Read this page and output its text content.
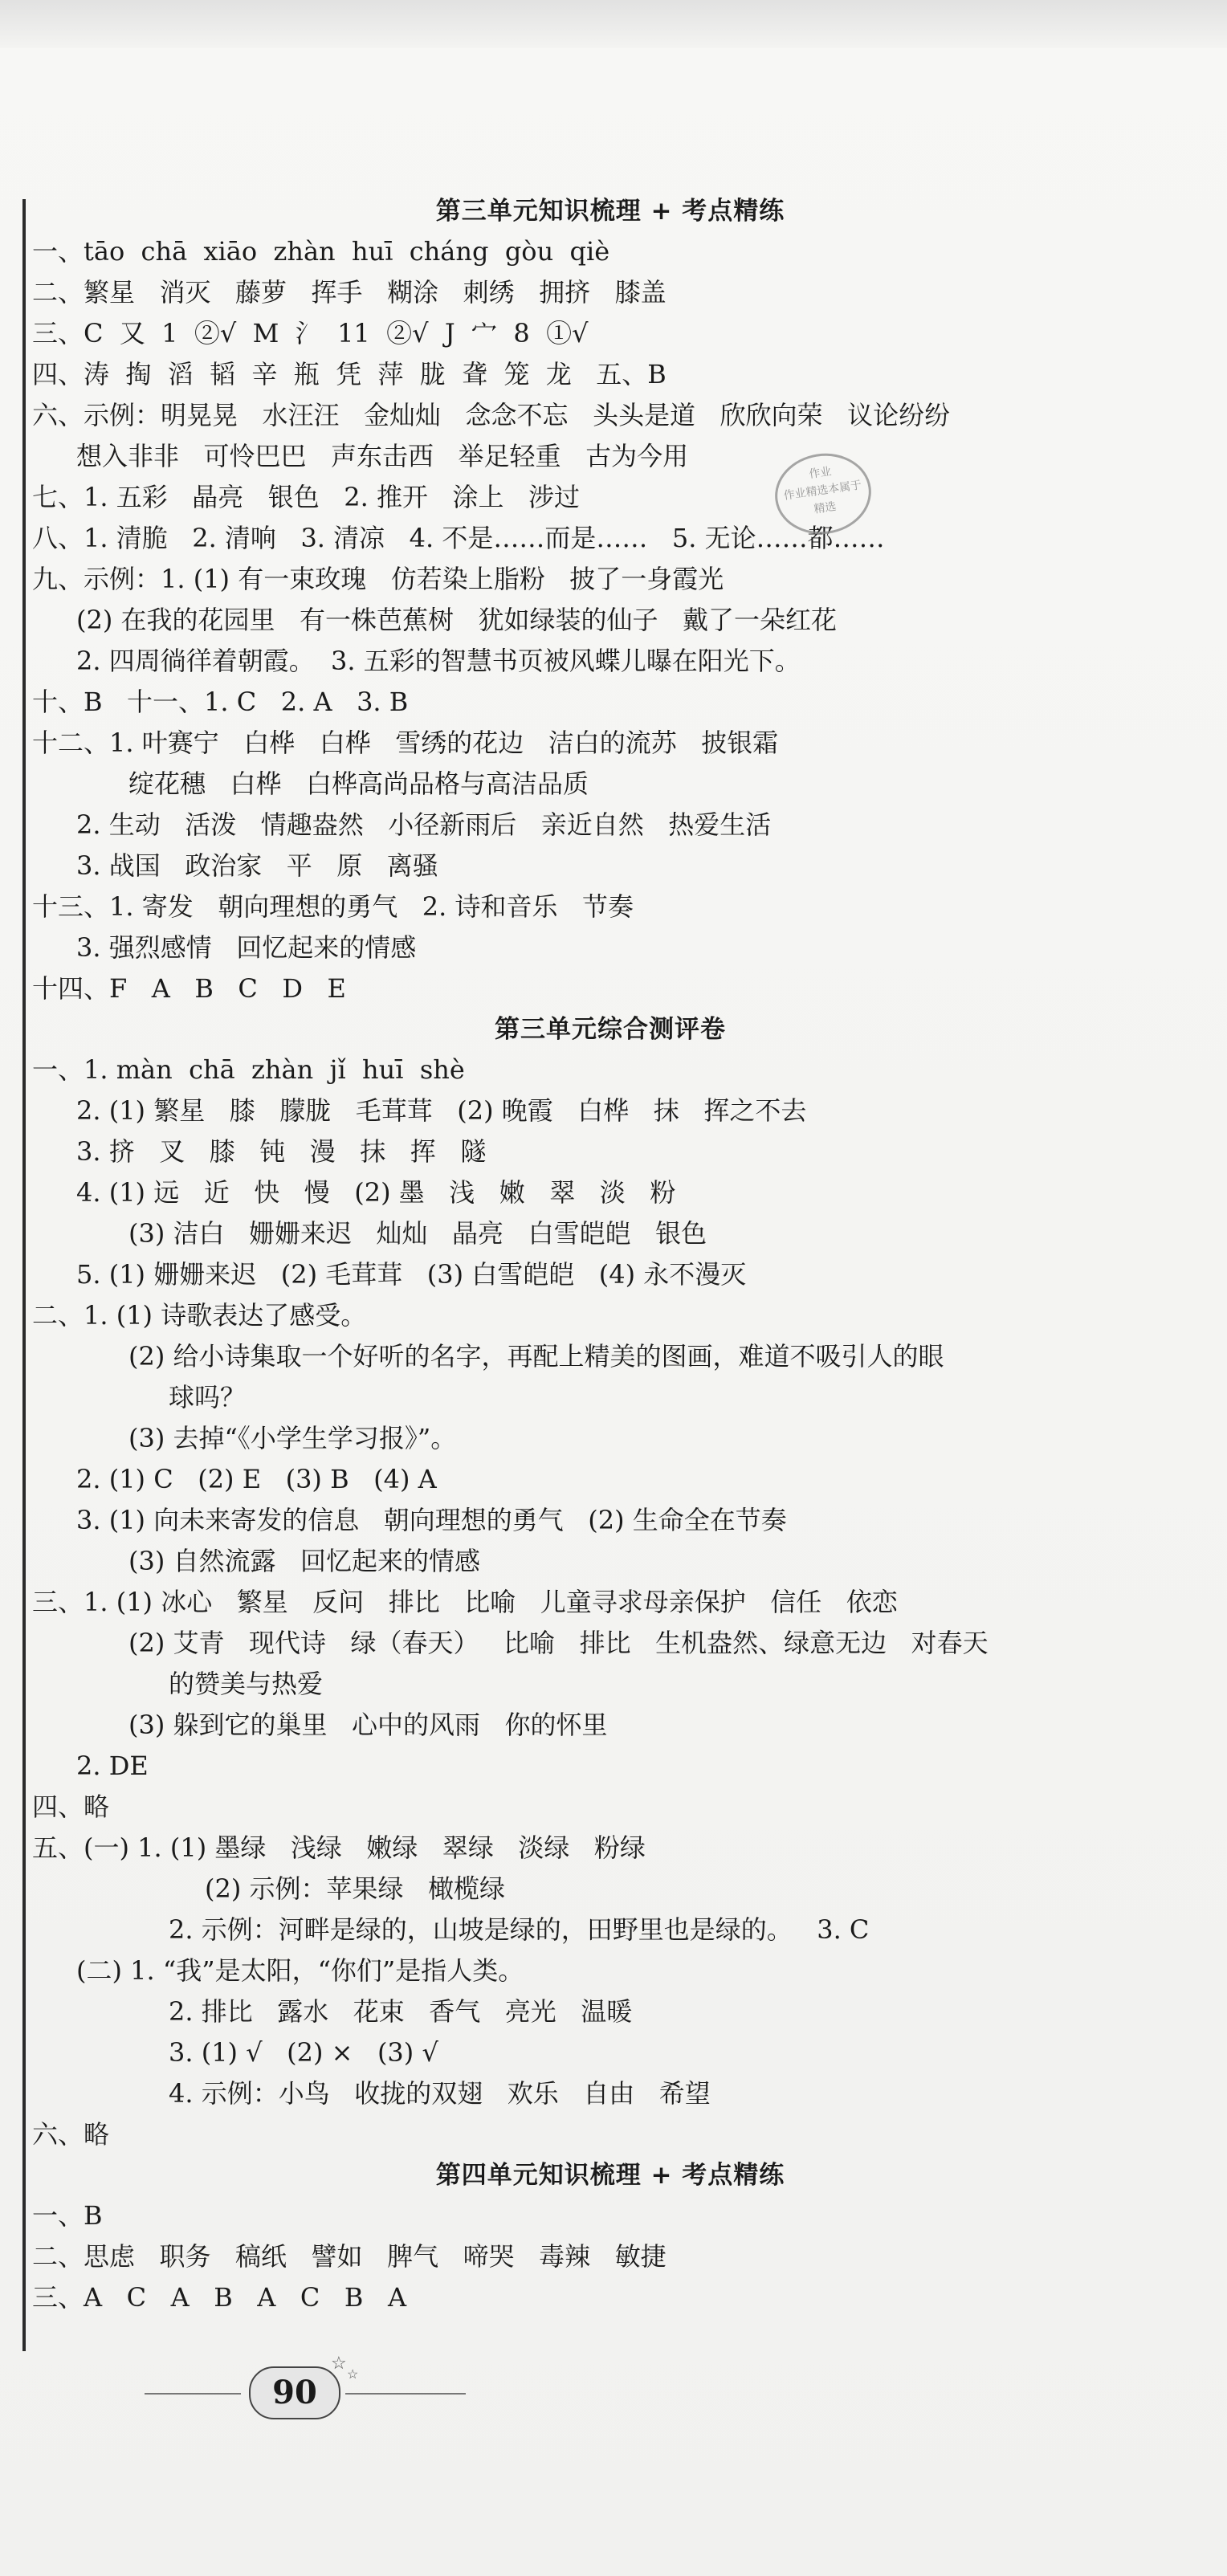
第三单元知识梳理 + 考点精练
一、tāo  chā  xiāo  zhàn  huī  cháng  gòu  qiè
二、繁星   消灭   藤萝   挥手   糊涂   刺绣   拥挤   膝盖
三、C  又  1  ②√  M  氵  11  ②√  J  宀  8  ①√
四、涛  掏  滔  韬  辛  瓶  凭  萍  胧  聋  笼  龙   五、B
六、示例：明晃晃   水汪汪   金灿灿   念念不忘   头头是道   欣欣向荣   议论纷纷
想入非非   可怜巴巴   声东击西   举足轻重   古为今用
七、1. 五彩   晶亮   银色   2. 推开   涂上   涉过
八、1. 清脆   2. 清响   3. 清凉   4. 不是……而是……   5. 无论……都……
九、示例：1. (1) 有一束玫瑰   仿若染上脂粉   披了一身霞光
(2) 在我的花园里   有一株芭蕉树   犹如绿装的仙子   戴了一朵红花
2. 四周徜徉着朝霞。  3. 五彩的智慧书页被风蝶儿曝在阳光下。
十、B   十一、1. C   2. A   3. B
十二、1. 叶赛宁   白桦   白桦   雪绣的花边   洁白的流苏   披银霜
绽花穗   白桦   白桦高尚品格与高洁品质
2. 生动   活泼   情趣盎然   小径新雨后   亲近自然   热爱生活
3. 战国   政治家   平   原   离骚
十三、1. 寄发   朝向理想的勇气   2. 诗和音乐   节奏
3. 强烈感情   回忆起来的情感
十四、F   A   B   C   D   E
第三单元综合测评卷
一、1. màn  chā  zhàn  jǐ  huī  shè
2. (1) 繁星   膝   朦胧   毛茸茸   (2) 晚霞   白桦   抹   挥之不去
3. 挤   叉   膝   钝   漫   抹   挥   隧
4. (1) 远   近   快   慢   (2) 墨   浅   嫩   翠   淡   粉
(3) 洁白   姗姗来迟   灿灿   晶亮   白雪皑皑   银色
5. (1) 姗姗来迟   (2) 毛茸茸   (3) 白雪皑皑   (4) 永不漫灭
二、1. (1) 诗歌表达了感受。
(2) 给小诗集取一个好听的名字，再配上精美的图画，难道不吸引人的眼
球吗？
(3) 去掉“《小学生学习报》”。
2. (1) C   (2) E   (3) B   (4) A
3. (1) 向未来寄发的信息   朝向理想的勇气   (2) 生命全在节奏
(3) 自然流露   回忆起来的情感
三、1. (1) 冰心   繁星   反问   排比   比喻   儿童寻求母亲保护   信任   依恋
(2) 艾青   现代诗   绿（春天）   比喻   排比   生机盎然、绿意无边   对春天
的赞美与热爱
(3) 躲到它的巢里   心中的风雨   你的怀里
2. DE
四、略
五、(一) 1. (1) 墨绿   浅绿   嫩绿   翠绿   淡绿   粉绿
(2) 示例：苹果绿   橄榄绿
2. 示例：河畔是绿的，山坡是绿的，田野里也是绿的。   3. C
(二) 1. “我”是太阳，“你们”是指人类。
2. 排比   露水   花束   香气   亮光   温暖
3. (1) √   (2) ×   (3) √
4. 示例：小鸟   收拢的双翅   欢乐   自由   希望
六、略
第四单元知识梳理 + 考点精练
一、B
二、思虑   职务   稿纸   譬如   脾气   啼哭   毒辣   敏捷
三、A   C   A   B   A   C   B   A
作业
作业精选本属于
精选
90
☆
☆
